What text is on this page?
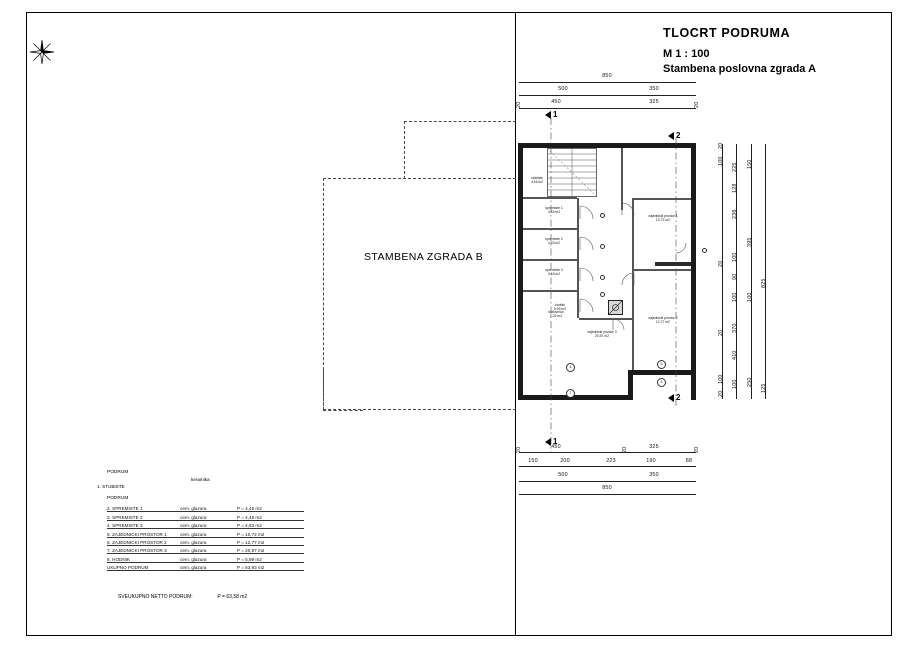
TLOCRT PODRUMA
M 1 : 100
Stambena poslovna zgrada A
STAMBENA ZGRADA B
stubiste
4,45 m2
spremiste 1
4,45 m2
spremiste 2
4,63 m2
spremiste 3
4,63 m2
zajednicki prostor 1
10,72 m2
zajednicki prostor 2
12,77 m2
zajednicki prostor 3
20,57 m2
hodnik
5,99 m2
kotlovnica
2,02 m2
7
6
5
4
1
2
1
2
850
500	350
450	325
20	20
450	325
20	20	20
150	200	223	190	88
500	350
850
20
100
20
20
100
20
225
128
238
100
90
100
370
410
100
150
395
100
250
825
125
PODRUM
keramika
1. STUBISTE
PODRUM
2. SPREMISTE 1	cem. glazura	P = 4,45 m2
3. SPREMISTE 2	cem. glazura	P = 4,45 m2
4. SPREMISTE 3	cem. glazura	P = 4,63 m2
5. ZAJEDNICKI PROSTOR 1	cem. glazura	P = 10,72 m2
6. ZAJEDNICKI PROSTOR 2	cem. glazura	P = 12,77 m2
7. ZAJEDNICKI PROSTOR 3	cem. glazura	P = 20,57 m2
8. HODNIK	cem. glazura	P = 5,99 m2
UKUPNO PODRUM	cem. glazura	P = 63,93 m2
SVEUKUPNO NETTO PODRUM:	P = 63,58 m2
